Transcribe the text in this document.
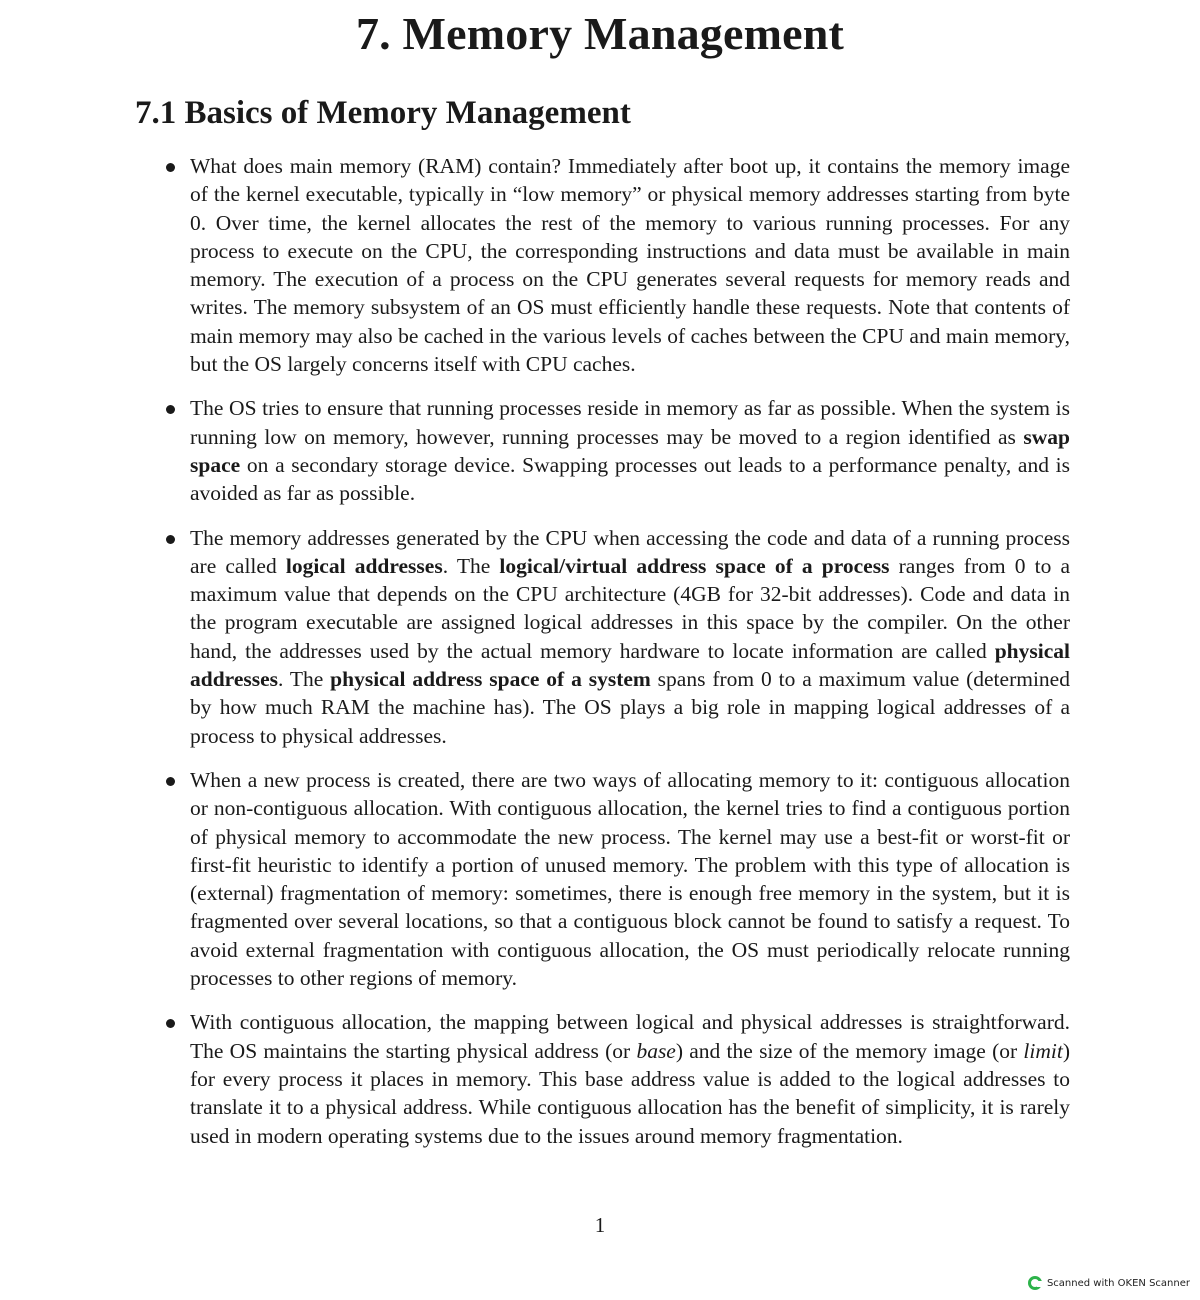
7. Memory Management
7.1 Basics of Memory Management
What does main memory (RAM) contain? Immediately after boot up, it contains the memory image of the kernel executable, typically in “low memory” or physical memory addresses starting from byte 0. Over time, the kernel allocates the rest of the memory to various running processes. For any process to execute on the CPU, the corresponding instructions and data must be available in main memory. The execution of a process on the CPU generates several requests for memory reads and writes. The memory subsystem of an OS must efficiently handle these requests. Note that contents of main memory may also be cached in the various levels of caches between the CPU and main memory, but the OS largely concerns itself with CPU caches.
The OS tries to ensure that running processes reside in memory as far as possible. When the system is running low on memory, however, running processes may be moved to a region identified as swap space on a secondary storage device. Swapping processes out leads to a performance penalty, and is avoided as far as possible.
The memory addresses generated by the CPU when accessing the code and data of a running process are called logical addresses. The logical/virtual address space of a process ranges from 0 to a maximum value that depends on the CPU architecture (4GB for 32-bit addresses). Code and data in the program executable are assigned logical addresses in this space by the compiler. On the other hand, the addresses used by the actual memory hardware to locate information are called physical addresses. The physical address space of a system spans from 0 to a maximum value (determined by how much RAM the machine has). The OS plays a big role in mapping logical addresses of a process to physical addresses.
When a new process is created, there are two ways of allocating memory to it: contiguous allocation or non-contiguous allocation. With contiguous allocation, the kernel tries to find a contiguous portion of physical memory to accommodate the new process. The kernel may use a best-fit or worst-fit or first-fit heuristic to identify a portion of unused memory. The problem with this type of allocation is (external) fragmentation of memory: sometimes, there is enough free memory in the system, but it is fragmented over several locations, so that a contiguous block cannot be found to satisfy a request. To avoid external fragmentation with contiguous allocation, the OS must periodically relocate running processes to other regions of memory.
With contiguous allocation, the mapping between logical and physical addresses is straightforward. The OS maintains the starting physical address (or base) and the size of the memory image (or limit) for every process it places in memory. This base address value is added to the logical addresses to translate it to a physical address. While contiguous allocation has the benefit of simplicity, it is rarely used in modern operating systems due to the issues around memory fragmentation.
1
Scanned with OKEN Scanner
